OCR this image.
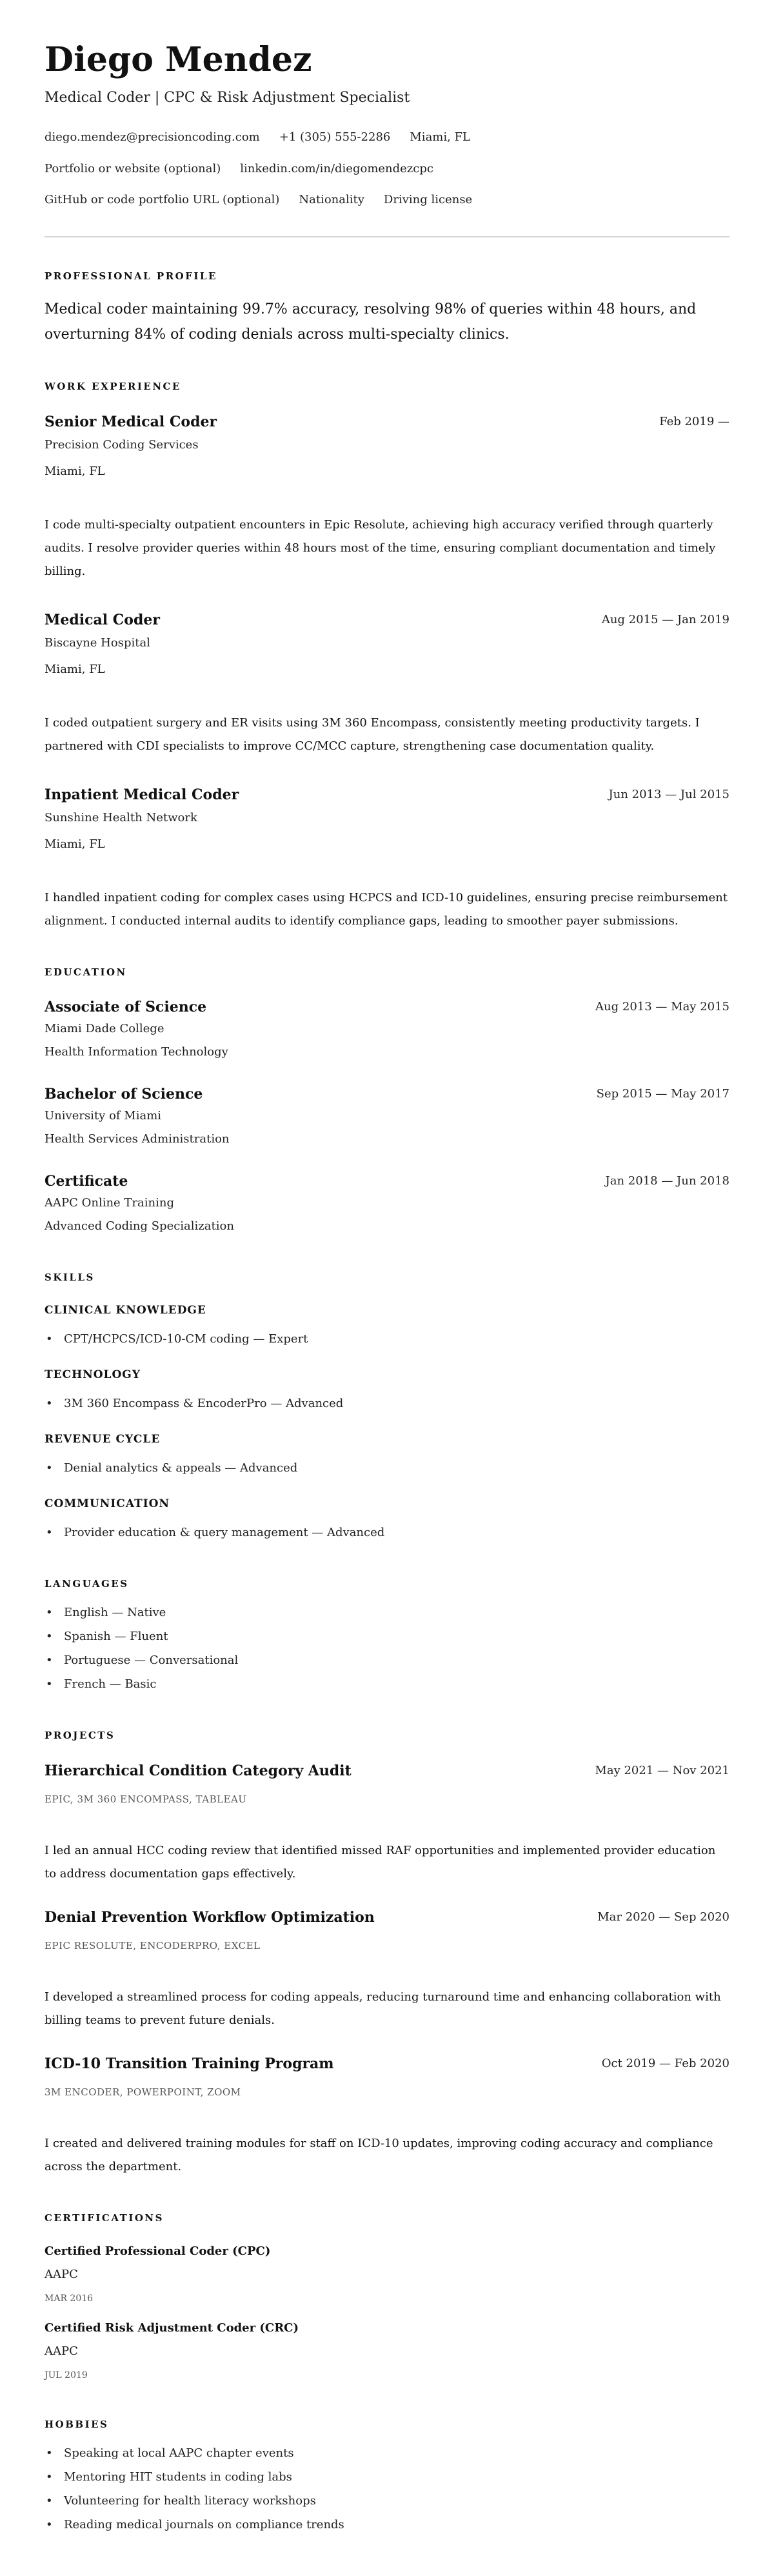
Diego Mendez
Medical Coder | CPC & Risk Adjustment Specialist
diego.mendez@precisioncoding.com +1 (305) 555-2286 Miami, FL
Portfolio or website (optional) linkedin.com/in/diegomendezcpc
GitHub or code portfolio URL (optional) Nationality Driving license
PROFESSIONAL PROFILE
Medical coder maintaining 99.7% accuracy, resolving 98% of queries within 48 hours, and overturning 84% of coding denials across multi-specialty clinics.
WORK EXPERIENCE
Senior Medical Coder	Feb 2019 —
Precision Coding Services
Miami, FL
I code multi-specialty outpatient encounters in Epic Resolute, achieving high accuracy verified through quarterly audits. I resolve provider queries within 48 hours most of the time, ensuring compliant documentation and timely billing.
Medical Coder	Aug 2015 — Jan 2019
Biscayne Hospital
Miami, FL
I coded outpatient surgery and ER visits using 3M 360 Encompass, consistently meeting productivity targets. I partnered with CDI specialists to improve CC/MCC capture, strengthening case documentation quality.
Inpatient Medical Coder	Jun 2013 — Jul 2015
Sunshine Health Network
Miami, FL
I handled inpatient coding for complex cases using HCPCS and ICD-10 guidelines, ensuring precise reimbursement alignment. I conducted internal audits to identify compliance gaps, leading to smoother payer submissions.
EDUCATION
Associate of Science	Aug 2013 — May 2015
Miami Dade College
Health Information Technology
Bachelor of Science	Sep 2015 — May 2017
University of Miami
Health Services Administration
Certificate	Jan 2018 — Jun 2018
AAPC Online Training
Advanced Coding Specialization
SKILLS
CLINICAL KNOWLEDGE
• CPT/HCPCS/ICD-10-CM coding — Expert
TECHNOLOGY
• 3M 360 Encompass & EncoderPro — Advanced
REVENUE CYCLE
• Denial analytics & appeals — Advanced
COMMUNICATION
• Provider education & query management — Advanced
LANGUAGES
• English — Native
• Spanish — Fluent
• Portuguese — Conversational
• French — Basic
PROJECTS
Hierarchical Condition Category Audit	May 2021 — Nov 2021
EPIC, 3M 360 ENCOMPASS, TABLEAU
I led an annual HCC coding review that identified missed RAF opportunities and implemented provider education to address documentation gaps effectively.
Denial Prevention Workflow Optimization	Mar 2020 — Sep 2020
EPIC RESOLUTE, ENCODERPRO, EXCEL
I developed a streamlined process for coding appeals, reducing turnaround time and enhancing collaboration with billing teams to prevent future denials.
ICD-10 Transition Training Program	Oct 2019 — Feb 2020
3M ENCODER, POWERPOINT, ZOOM
I created and delivered training modules for staff on ICD-10 updates, improving coding accuracy and compliance across the department.
CERTIFICATIONS
Certified Professional Coder (CPC)
AAPC
MAR 2016
Certified Risk Adjustment Coder (CRC)
AAPC
JUL 2019
HOBBIES
• Speaking at local AAPC chapter events
• Mentoring HIT students in coding labs
• Volunteering for health literacy workshops
• Reading medical journals on compliance trends
